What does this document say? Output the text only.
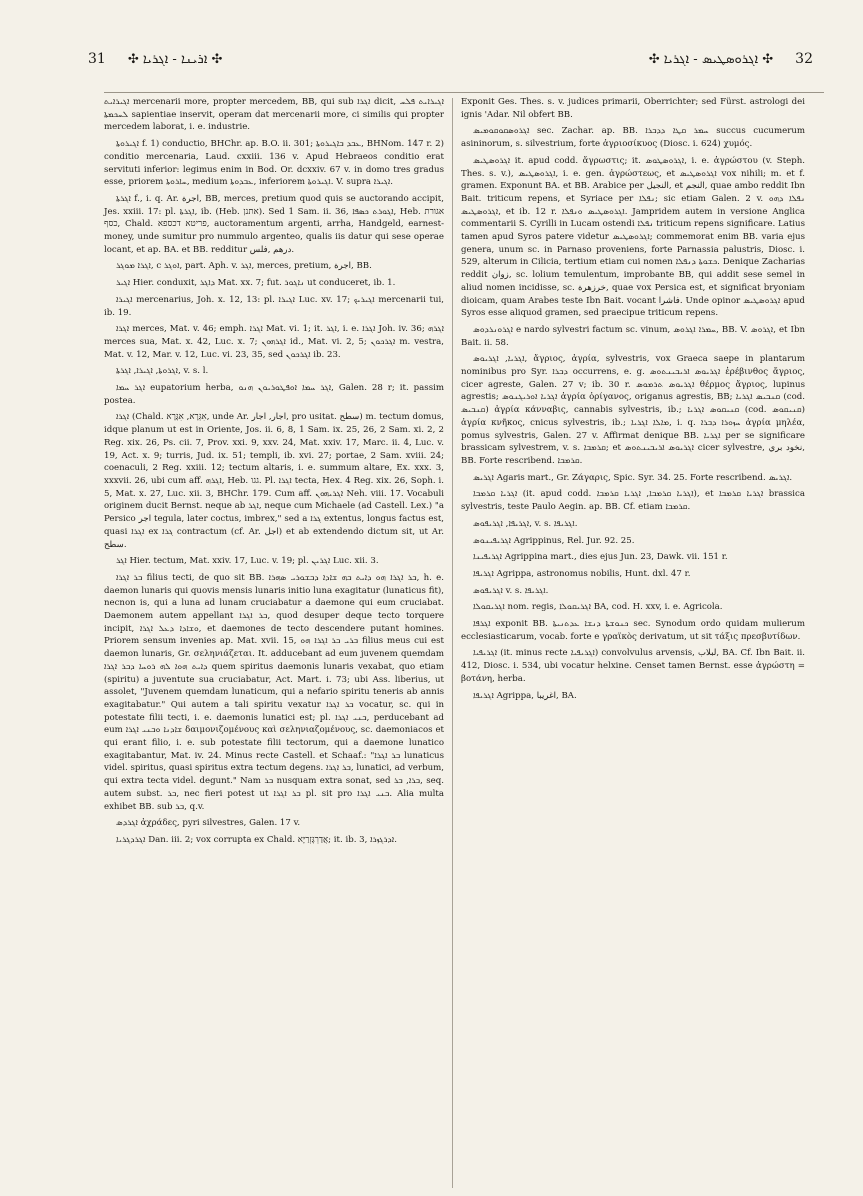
31 ✣ ܐܪܝܢܐ - ܐܓܪܝܐ ✣	✣ ܐܓܪܘܣܛܝܣ - ܐܓܪܝܐ ✣ 32

ܐܓܝܪܐܝܬ mercenarii more, propter mercedem, BB, qui sub ܐܓܪܐ dicit, ܐܓܝܪܐܝܬ ܦܠܚ ܠܚܟܡܬܐ sapientiae inservit, operam dat mercenarii more, ci similis qui propter mercedem laborat, i. e. industrie.

ܐܓܝܪܘܬܐ f. 1) conductio, BHChr. ap. B.O. ii. 301; ܥܒܕ ܒܐܓܝܪܘܬܐ, BHNom. 147 r. 2) conditio mercenaria, Laud. cxxiii. 136 v. Apud Hebraeos conditio erat servituti inferior: legimus enim in Bod. Or. dcxxiv. 67 v. in domo tres gradus esse, priorem ܚܐܪܘܬܐ, medium ܥܒܕܘܬܐ, inferiorem ܐܓܝܪܘܬܐ. V. supra ܐܓܝܪܐ.

ܐܓܪܬܐ f., i. q. Ar. اجرة, BB, merces, pretium quod quis se auctorando accipit, Jes. xxiii. 17: pl. ܐܓܪܬܐ, ib. (Heb. אתנן). Sed 1 Sam. ii. 36, ܐܓܘܪܬ ܟܣܦܐ, Heb. אגורת כסף, Chald. פריטא דכספא, auctoramentum argenti, arrha, Handgeld, earnest-money, unde sumitur pro nummulo argenteo, qualis iis datur qui sese operae locant, et ap. BA. et BB. redditur درهم ,فلس.

ܐܓܪܐ ܡܘܓܪ, c ܐܘܓܪ, part. Aph. v. ܐܓܪ, merces, pretium, اجرة, BB.

ܐܓܝܪ Hier. conduxit, ܕܐܓܪ Mat. xx. 7; fut. ܢܐܓܘܪ ut conduceret, ib. 1.

ܐܓܝܪܐ mercenarius, Joh. x. 12, 13: pl. ܐܓܝܪܐ Luc. xv. 17; ܐܓܝܪܝܟ mercenarii tui, ib. 19.

ܐܓܪܐ merces, Mat. v. 46; emph. ܐܓܪܐ Mat. vi. 1; it. ܐܓܪ, i. e. ܐܓܪܐ Joh. iv. 36; ܐܓܪܗ merces sua, Mat. x. 42, Luc. x. 7; ܐܓܪܗܘܢ id., Mat. vi. 2, 5; ܐܓܪܟܘܢ m. vestra, Mat. v. 12, Mar. v. 12, Luc. vi. 23, 35, sed ܐܓܪܟܘܢ ib. 23.

ܐܓܪܘܬܐ, ܐܓܝܪܐ, ܐܓܪܬܐ, v. s. l.

ܐܓܪ ܚܡܐ eupatorium herba, ܐܓܪ ܚܡܐ ܐܘܦܛܘܪܝܘܢ ܗܢܘ, Galen. 28 r; it. passim postea.

ܐܓܪܐ (Chald. אִגְּרָא, אִגָּרָא, unde Ar. اجار, اجار, pro usitat. سطح) m. tectum domus, idque planum ut est in Oriente, Jos. ii. 6, 8, 1 Sam. ix. 25, 26, 2 Sam. xi. 2, 2 Reg. xix. 26, Ps. cii. 7, Prov. xxi. 9, xxv. 24, Mat. xxiv. 17, Marc. ii. 4, Luc. v. 19, Act. x. 9; turris, Jud. ix. 51; templi, ib. xvi. 27; portae, 2 Sam. xviii. 24; coenaculi, 2 Reg. xxiii. 12; tectum altaris, i. e. summum altare, Ex. xxx. 3, xxxvii. 26, ubi cum aff. ܐܓܪܗ, Heb. גגו. Pl. ܐܓܪܐ tecta, Hex. 4 Reg. xix. 26, Soph. i. 5, Mat. x. 27, Luc. xii. 3, BHChr. 179. Cum aff. ܐܓܪܝܗܘܢ Neh. viii. 17. Vocabuli originem ducit Bernst. neque ab ܐܓܪ, neque cum Michaele (ad Castell. Lex.) "a Persico اجر tegula, later coctus, imbrex," sed a ܓܪܐ extentus, longus factus est, quasi ܐܓܪܐ ex ܓܪܐ contractum (cf. Ar. اجل) et ab extendendo dictum sit, ut Ar. سطح.

ܐܓܪ Hier. tectum, Mat. xxiv. 17, Luc. v. 19; pl. ܐܓܪܝܢ Luc. xii. 3.

ܒܪ ܐܓܪܐ filius tecti, de quo sit BB. ܒܪ ܐܓܪܐ ܗܘ ܕܐܝܬ ܒܗ ܫܐܕܐ ܕܒܫܘܪܝ ܣܗܪܐ, h. e. daemon lunaris qui quovis mensis lunaris initio luna exagitatur (lunaticus fit), necnon is, qui a luna ad lunam cruciabatur a daemone qui eum cruciabat. Daemonem autem appellant ܒܪ ܐܓܪܐ, quod desuper deque tecto torquere incipit, ܘܫܐܕܐ ܕܥܠ ܐܓܪܐ, et daemones de tecto descendere putant homines. Priorem sensum invenies ap. Mat. xvii. 15, ܒܪܝ ܒܪ ܐܓܪܐ ܗܘ filius meus cui est daemon lunaris, Gr. σεληνιάζεται. It. adducebant ad eum juvenem quemdam ܕܐܝܬ ܗܘܐ ܠܗ ܪܘܚܐ ܕܒܪ ܐܓܪܐ quem spiritus daemonis lunaris vexabat, quo etiam (spiritu) a juventute sua cruciabatur, Act. Mart. i. 73; ubi Ass. liberius, ut assolet, "Juvenem quemdam lunaticum, qui a nefario spiritu teneris ab annis exagitabatur." Qui autem a tali spiritu vexatur ܒܪ ܐܓܪܐ vocatur, sc. qui in potestate filii tecti, i. e. daemonis lunatici est; pl. ܒܢܝ ܐܓܪܐ, perducebant ad eum ܫܐܕܢܐ ܘܒܢܝ ܐܓܪܐ δαιμονιζομένους καὶ σεληνιαζομένους, sc. daemoniacos et qui erant filio, i. e. sub potestate filii tectorum, qui a daemone lunatico exagitabantur, Mat. iv. 24. Minus recte Castell. et Schaaf.: "ܒܪ ܐܓܪܐ lunaticus videl. spiritus, quasi spiritus extra tectum degens. ܒܪ ܐܓܪܐ, lunatici, ad verbum, qui extra tecta videl. degunt." Nam ܒܪ nusquam extra sonat, sed ܒܪܐ, ܒܪ, seq. autem subst. ܒܪ, nec fieri potest ut ܒܪ ܐܓܪܐ pl. sit pro ܒܢܝ ܐܓܪܐ. Alia multa exhibet BB. sub ܒܪ, q.v.

ܐܓܪܕܣ ἀχράδες, pyri silvestres, Galen. 17 v.

ܐܓܪܕܓܪܝܐ Dan. iii. 2; vox corrupta ex Chald. אֲדַרְגָּזְרַיָּא; it. ib. 3, ܐܕܪܓܙܪܐ.

Exponit Ges. Thes. s. v. judices primarii, Oberrichter; sed Fürst. astrologi dei ignis 'Adar. Nil obfert BB.

ܐܓܪܘܣܩܘܩܘܡܝܣ sec. Zachar. ap. BB. ܚܡܪ ܩܛܐ ܕܕܒܪܐ succus cucumerum asininorum, s. silvestrium, forte ἀγριοσίκυος (Diosc. i. 624) χυμός.

ܐܓܪܘܣܛܝܣ it. apud codd. ἄγρωστις; it. ܐܓܪܘܣܛܘܣ, i. e. ἀγρώστου (v. Steph. Thes. s. v.), ܐܓܪܘܣܛܝܣ, i. e. gen. ἀγρώστεως, et ܐܓܪܘܣܛܝܣ vox nihili; m. et f. gramen. Exponunt BA. et BB. Arabice per النجيل, et النجم, quae ambo reddit Ibn Bait. triticum repens, et Syriace per ܢܦܠܐ; sic etiam Galen. 2 v. ܢܦܠܐ ܕܗܘ ܐܓܪܘܣܛܝܣ, et ib. 12 r. ܐܓܪܘܣܛܝܣ ܘܢܦܠܐ. Jampridem autem in versione Anglica commentarii S. Cyrilli in Lucam ostendi ܢܦܠܐ triticum repens significare. Latius tamen apud Syros patere videtur ܐܓܪܘܣܛܝܣ; commemorat enim BB. varia ejus genera, unum sc. in Parnaso proveniens, forte Parnassia palustris, Diosc. i. 529, alterum in Cilicia, tertium etiam cui nomen ܟܫܘܬܐ ܕܢܦܠܐ. Denique Zacharias reddit زوان, sc. lolium temulentum, improbante BB, qui addit sese semel in aliud nomen incidisse, sc. خرزهرة, quae vox Persica est, et significat bryoniam dioicam, quam Arabes teste Ibn Bait. vocant فاشرا. Unde opinor ܐܓܪܘܣܛܝܣ apud Syros esse aliquod gramen, sed praecipue triticum repens.

ܐܓܪܘܢܪܕܘܣ e nardo sylvestri factum sc. vinum, ܚܡܪܐ ܐܓܪܘܣ, BB. V. ܐܓܪܘܣ, et Ibn Bait. ii. 58.

ܐܓܪܝܐ, ܐܓܪܝܘܣ, ἄγριος, ἀγρία, sylvestris, vox Graeca saepe in plantarum nominibus pro Syr. ܕܒܪܐ occurrens, e. g. ܐܓܪܝܘܣ ܐܪܝܒܝܢܬܘܣ ἐρέβινθος ἄγριος, cicer agreste, Galen. 27 v; ib. 30 r. ܐܓܪܝܘܣ ܬܪܡܘܣ θέρμος ἄγριος, lupinus agrestis; ܐܓܪܝܐ ܐܘܪܝܓܢܘܣ ἀγρία ὀρίγανος, origanus agrestis, BB; ܩܢܒܝܣ ܐܓܪܝܐ (cod. ܩܢܒܝܣ) ἀγρία κάνναβις, cannabis sylvestris, ib.; ܩܢܝܩܘܣ ܐܓܪܝܐ (cod. ܩܢܝܩܘܣ) ἀγρία κνῆκος, cnicus sylvestris, ib.; ܡܐܠܐ ܐܓܪܝܐ, i. q. ܚܙܘܪܐ ܕܒܪܐ ἀγρία μηλέα, pomus sylvestris, Galen. 27 v. Affirmat denique BB. ܐܓܪܝܐ per se significare brassicam sylvestrem, v. s. ܩܪܡܒܐ; et ܐܓܪܝܘܣ ܐܪܝܒܝܢܬܘܣ cicer sylvestre, نخود بري, BB. Forte rescribend. ܩܪܡܒܐ.

ܐܓܪܝܣ Agaris mart., Gr. Ζάγαρις, Spic. Syr. 34. 25. Forte rescribend. ܐܓܪܝܣ.

ܐܓܪܝܐ ܩܪܡܒܐ (it. apud codd. ܐܓܪܝܐ ܩܪܡܒܐ, ܐܓܪܝܐ ܩܪܡܒܐ), et ܐܓܪܝܐ ܩܪܡܒܐ brassica sylvestris, teste Paulo Aegin. ap. BB. Cf. etiam ܩܪܡܒܐ.

ܐܓܪܝܦܐ, ܐܓܪܝܦܘܣ, v. s. ܐܓܪܝܦܐ.

ܐܓܪܝܦܝܢܘܣ Agrippinus, Rel. Jur. 92. 25.

ܐܓܪܝܦܝܢܐ Agrippina mart., dies ejus Jun. 23, Dawk. vii. 151 r.

ܐܓܪܝܦܐ Agrippa, astronomus nobilis, Hunt. dxl. 47 r.

ܐܓܪܝܦܘܣ v. s. ܐܓܪܝܦܐ.

ܐܓܪܝܩܘܠܐ nom. regis, ܐܓܪܝܩܘܠܐ BA, cod. H. xxv, i. e. Agricola.

ܐܓܪܦܐ exponit BB. ܟܢܘܫܬܐ ܕܢܫܐ ܥܕܬܢܝܬܐ sec. Synodum ordo quidam mulierum ecclesiasticarum, vocab. forte e γραϊκὸς derivatum, ut sit τάξις πρεσβυτίδων.

ܐܓܪܝܦܝܐ (it. minus recte ܐܓܪܝܦܝܐ) convolvulus arvensis, لبلاب, BA. Cf. Ibn Bait. ii. 412, Diosc. i. 534, ubi vocatur helxine. Censet tamen Bernst. esse ἀγρώστη = βοτάνη, herba.

ܐܓܪܝܦܐ Agrippa, اغريبا, BA.
